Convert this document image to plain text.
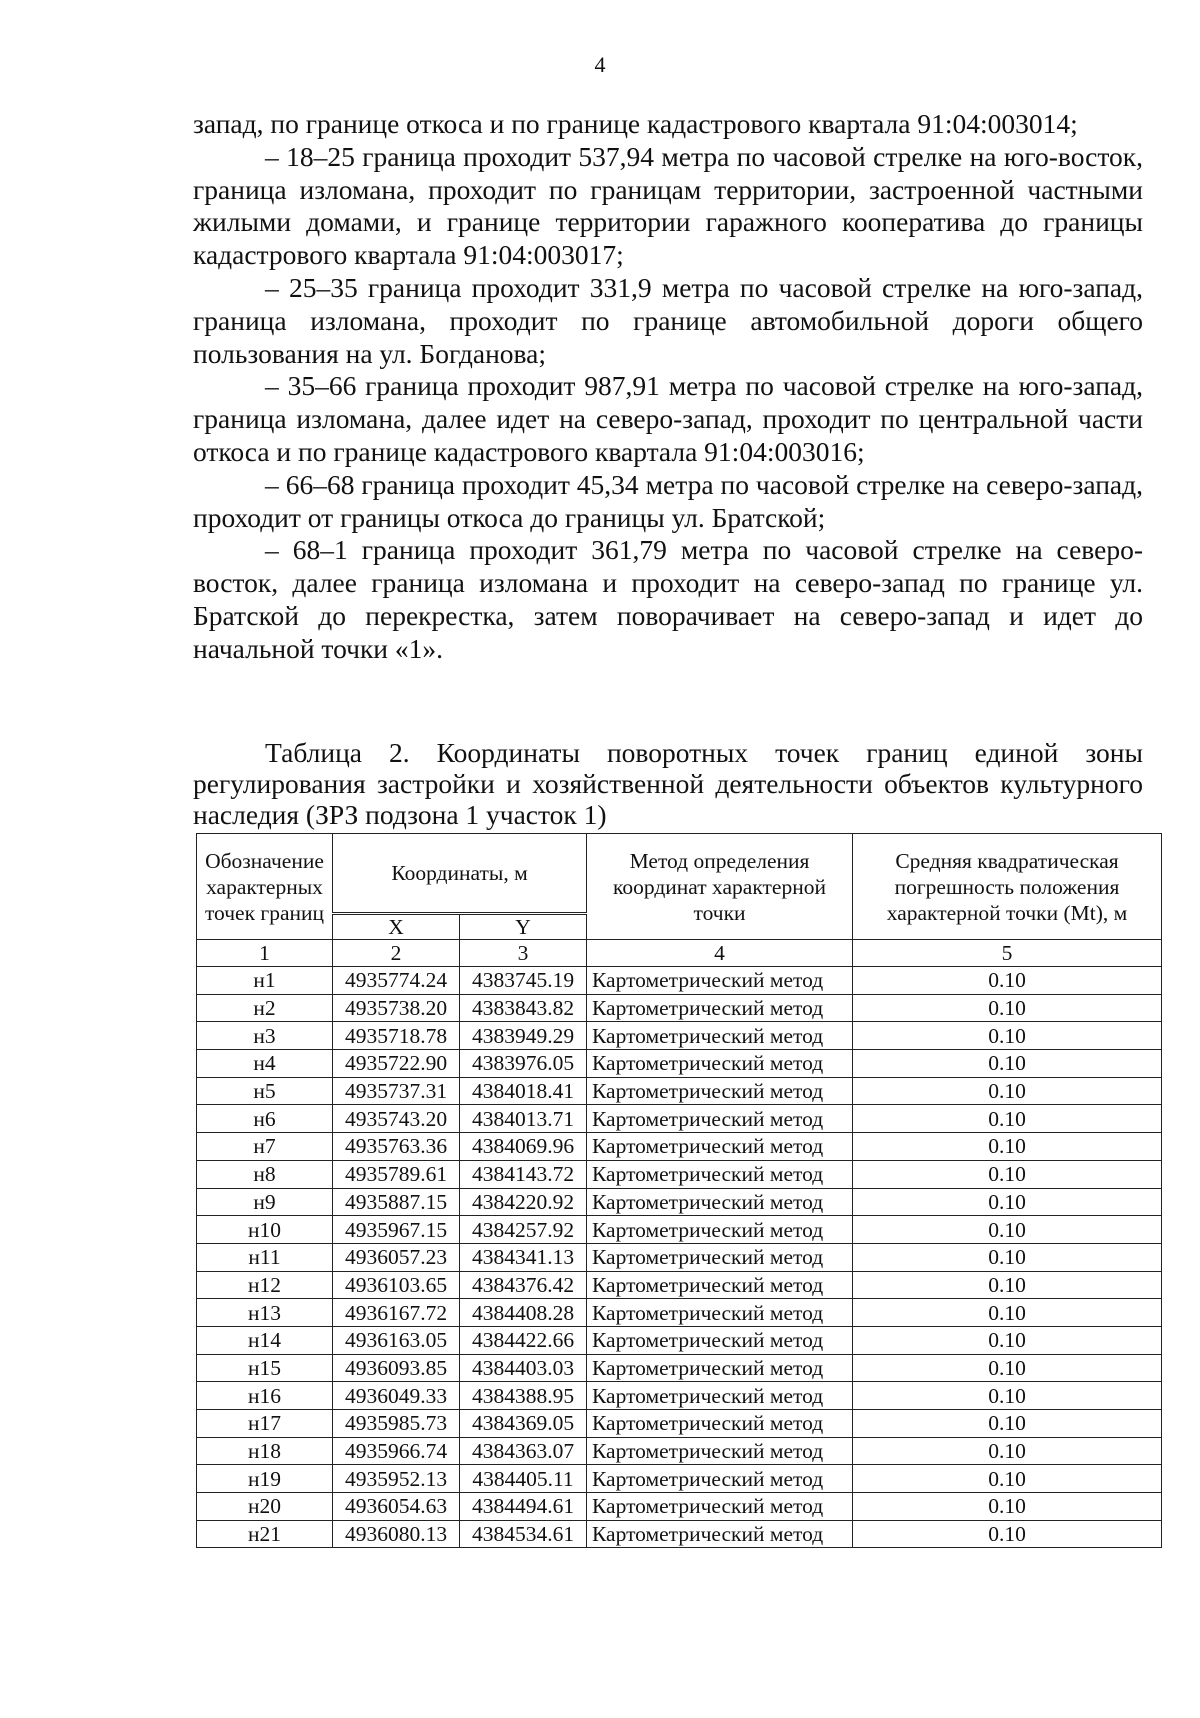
4

запад, по границе откоса и по границе кадастрового квартала 91:04:003014;

– 18–25 граница проходит 537,94 метра по часовой стрелке на юго-восток, граница изломана, проходит по границам территории, застроенной частными жилыми домами, и границе территории гаражного кооператива до границы кадастрового квартала 91:04:003017;

– 25–35 граница проходит 331,9 метра по часовой стрелке на юго-запад, граница изломана, проходит по границе автомобильной дороги общего пользования на ул. Богданова;

– 35–66 граница проходит 987,91 метра по часовой стрелке на юго-запад, граница изломана, далее идет на северо-запад, проходит по центральной части откоса и по границе кадастрового квартала 91:04:003016;

– 66–68 граница проходит 45,34 метра по часовой стрелке на северо-запад, проходит от границы откоса до границы ул. Братской;

– 68–1 граница проходит 361,79 метра по часовой стрелке на северо-восток, далее граница изломана и проходит на северо-запад по границе ул. Братской до перекрестка, затем поворачивает на северо-запад и идет до начальной точки «1».

Таблица 2. Координаты поворотных точек границ единой зоны регулирования застройки и хозяйственной деятельности объектов культурного наследия (ЗРЗ подзона 1 участок 1)
Обозначение характерных точек границ	Координаты, м		Метод определения координат характерной точки	Средняя квадратическая погрешность положения характерной точки (Mt), м
	X	Y		
1	2	3	4	5
н1	4935774.24	4383745.19	Картометрический метод	0.10
н2	4935738.20	4383843.82	Картометрический метод	0.10
н3	4935718.78	4383949.29	Картометрический метод	0.10
н4	4935722.90	4383976.05	Картометрический метод	0.10
н5	4935737.31	4384018.41	Картометрический метод	0.10
н6	4935743.20	4384013.71	Картометрический метод	0.10
н7	4935763.36	4384069.96	Картометрический метод	0.10
н8	4935789.61	4384143.72	Картометрический метод	0.10
н9	4935887.15	4384220.92	Картометрический метод	0.10
н10	4935967.15	4384257.92	Картометрический метод	0.10
н11	4936057.23	4384341.13	Картометрический метод	0.10
н12	4936103.65	4384376.42	Картометрический метод	0.10
н13	4936167.72	4384408.28	Картометрический метод	0.10
н14	4936163.05	4384422.66	Картометрический метод	0.10
н15	4936093.85	4384403.03	Картометрический метод	0.10
н16	4936049.33	4384388.95	Картометрический метод	0.10
н17	4935985.73	4384369.05	Картометрический метод	0.10
н18	4935966.74	4384363.07	Картометрический метод	0.10
н19	4935952.13	4384405.11	Картометрический метод	0.10
н20	4936054.63	4384494.61	Картометрический метод	0.10
н21	4936080.13	4384534.61	Картометрический метод	0.10
